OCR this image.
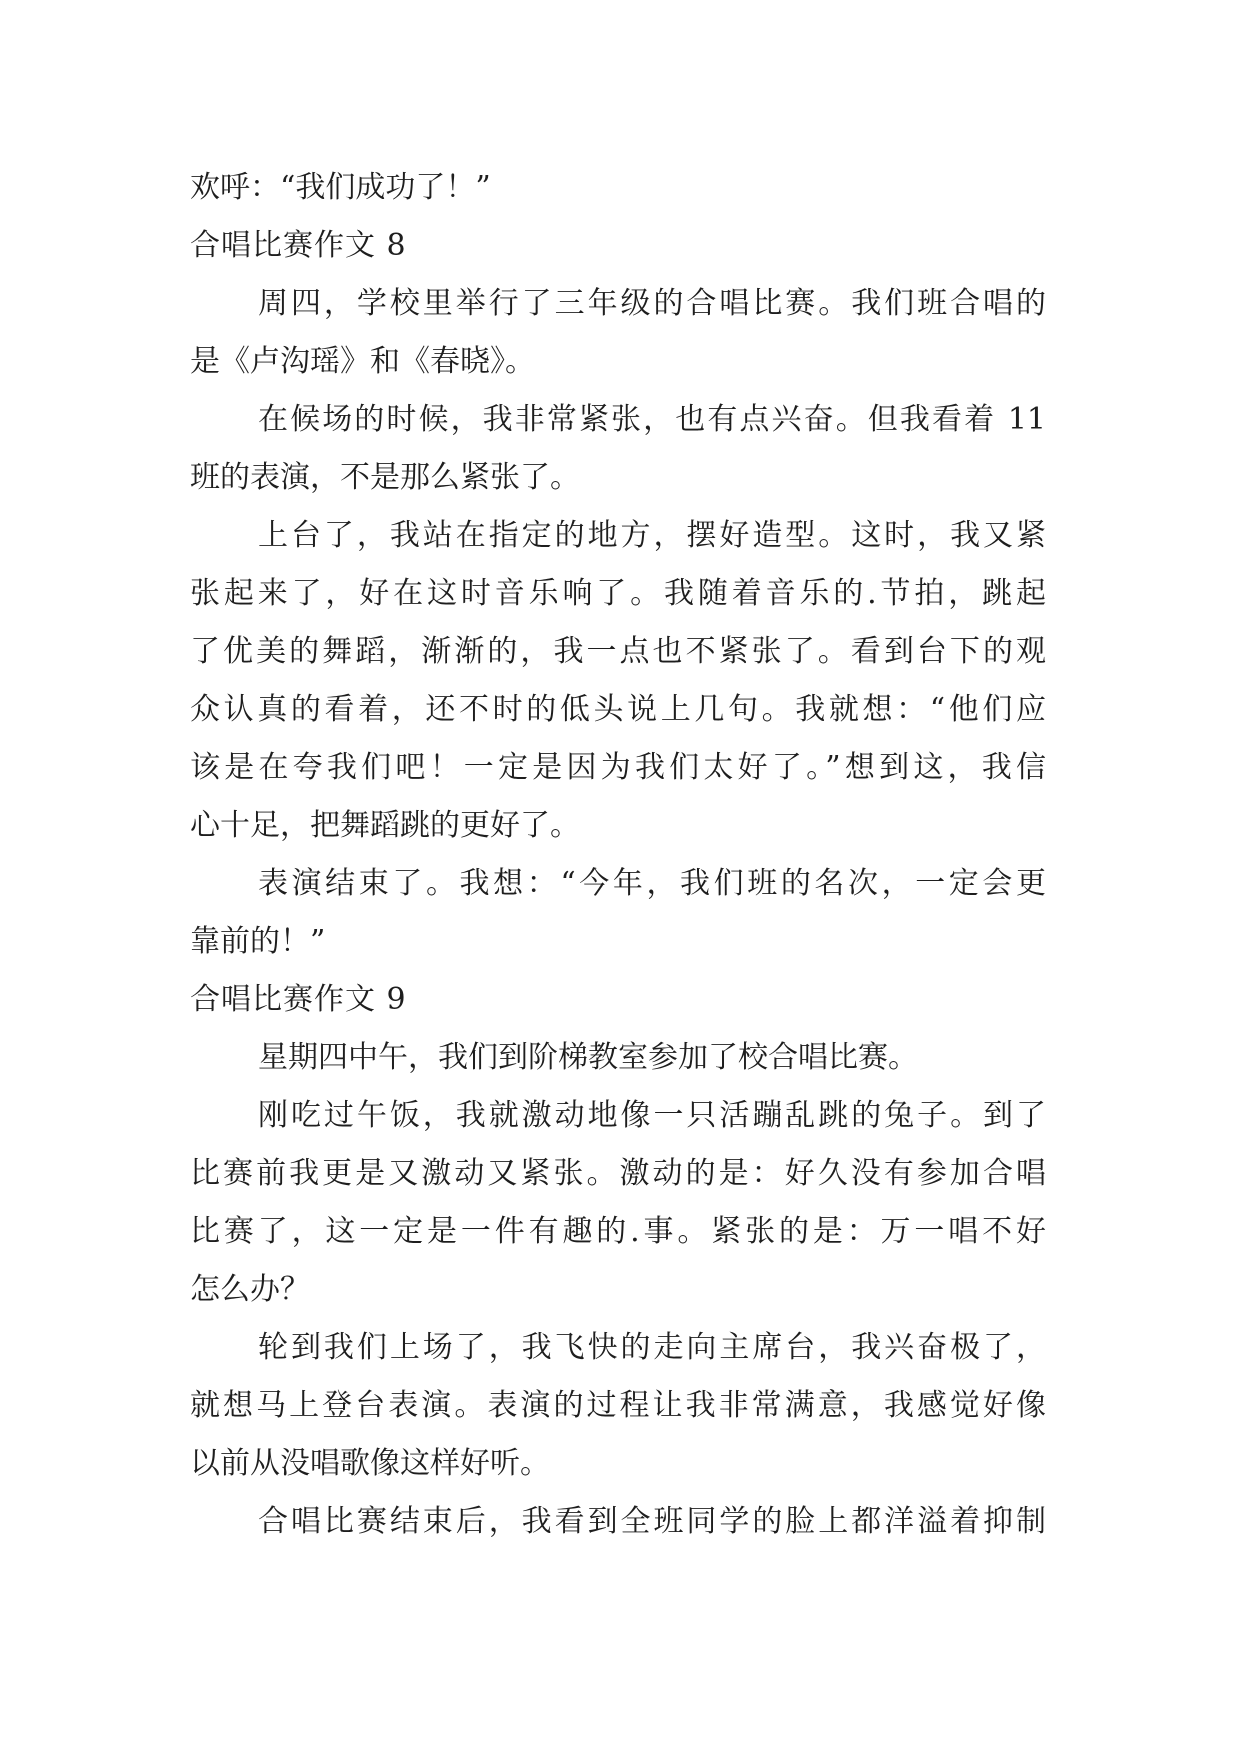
欢呼：“我们成功了！”
合唱比赛作文 8
周四，学校里举行了三年级的合唱比赛。我们班合唱的
是《卢沟瑶》和《春晓》。
在候场的时候，我非常紧张，也有点兴奋。但我看着 11
班的表演，不是那么紧张了。
上台了，我站在指定的地方，摆好造型。这时，我又紧
张起来了，好在这时音乐响了。我随着音乐的.节拍，跳起
了优美的舞蹈，渐渐的，我一点也不紧张了。看到台下的观
众认真的看着，还不时的低头说上几句。我就想：“他们应
该是在夸我们吧！一定是因为我们太好了。”想到这，我信
心十足，把舞蹈跳的更好了。
表演结束了。我想：“今年，我们班的名次，一定会更
靠前的！”
合唱比赛作文 9
星期四中午，我们到阶梯教室参加了校合唱比赛。
刚吃过午饭，我就激动地像一只活蹦乱跳的兔子。到了
比赛前我更是又激动又紧张。激动的是：好久没有参加合唱
比赛了，这一定是一件有趣的.事。紧张的是：万一唱不好
怎么办？
轮到我们上场了，我飞快的走向主席台，我兴奋极了，
就想马上登台表演。表演的过程让我非常满意，我感觉好像
以前从没唱歌像这样好听。
合唱比赛结束后，我看到全班同学的脸上都洋溢着抑制
